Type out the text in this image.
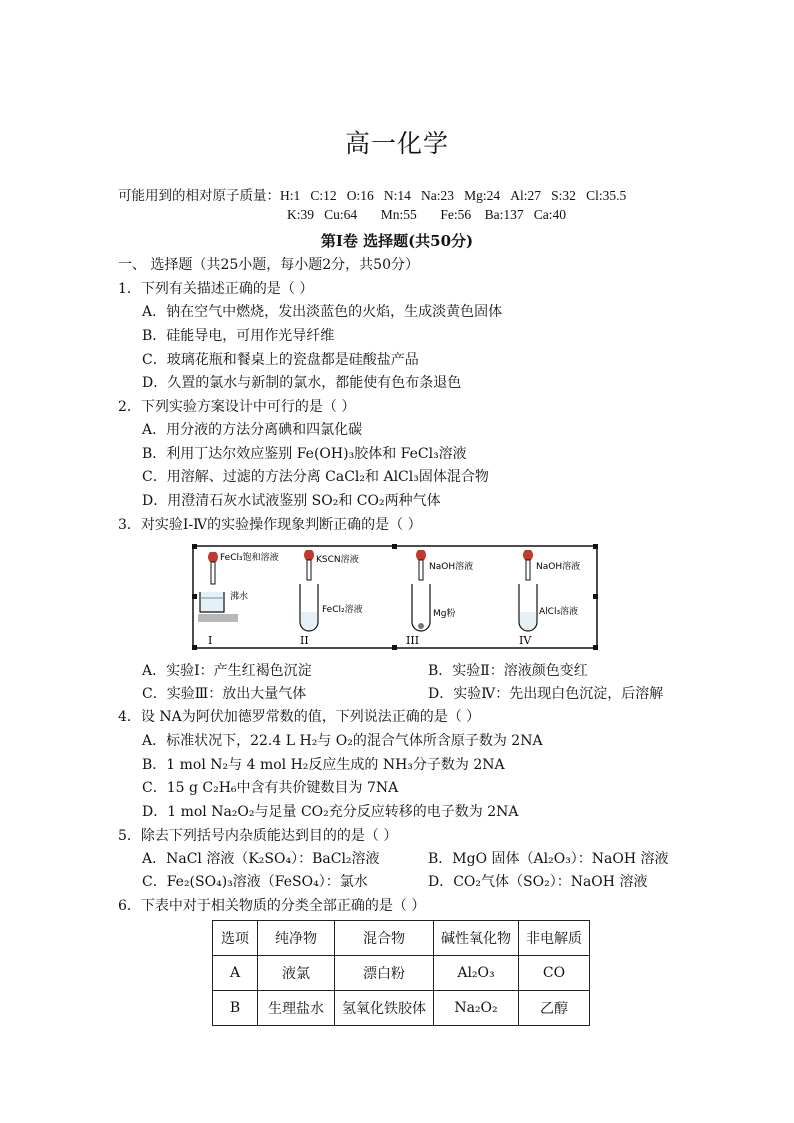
高一化学
可能用到的相对原子质量：H:1 C:12 O:16 N:14 Na:23 Mg:24 Al:27 S:32 Cl:35.5
K:39 Cu:64 Mn:55 Fe:56 Ba:137 Ca:40
第Ⅰ卷 选择题(共50分)
一、 选择题（共25小题，每小题2分，共50分）
1．下列有关描述正确的是（ ）
A．钠在空气中燃烧，发出淡蓝色的火焰，生成淡黄色固体
B．硅能导电，可用作光导纤维
C．玻璃花瓶和餐桌上的瓷盘都是硅酸盐产品
D．久置的氯水与新制的氯水，都能使有色布条退色
2．下列实验方案设计中可行的是（ ）
A．用分液的方法分离碘和四氯化碳
B．利用丁达尔效应鉴别 Fe(OH)₃胶体和 FeCl₃溶液
C．用溶解、过滤的方法分离 CaCl₂和 AlCl₃固体混合物
D．用澄清石灰水试液鉴别 SO₂和 CO₂两种气体
3．对实验Ⅰ-Ⅳ的实验操作现象判断正确的是（ ）
FeCl₃饱和溶液
沸水
KSCN溶液
FeCl₂溶液
NaOH溶液
Mg粉
NaOH溶液
AlCl₃溶液
I	II	III	IV
A．实验Ⅰ：产生红褐色沉淀	B．实验Ⅱ：溶液颜色变红
C．实验Ⅲ：放出大量气体	D．实验Ⅳ：先出现白色沉淀，后溶解
4．设 NA为阿伏加德罗常数的值，下列说法正确的是（ ）
A．标准状况下，22.4 L H₂与 O₂的混合气体所含原子数为 2NA
B．1 mol N₂与 4 mol H₂反应生成的 NH₃分子数为 2NA
C．15 g C₂H₆中含有共价键数目为 7NA
D．1 mol Na₂O₂与足量 CO₂充分反应转移的电子数为 2NA
5．除去下列括号内杂质能达到目的的是（ ）
A．NaCl 溶液（K₂SO₄）：BaCl₂溶液	B．MgO 固体（Al₂O₃）：NaOH 溶液
C．Fe₂(SO₄)₃溶液（FeSO₄）：氯水	D．CO₂气体（SO₂）：NaOH 溶液
6．下表中对于相关物质的分类全部正确的是（ ）
选项	纯净物	混合物	碱性氧化物	非电解质
A	液氯	漂白粉	Al₂O₃	CO
B	生理盐水	氢氧化铁胶体	Na₂O₂	乙醇
